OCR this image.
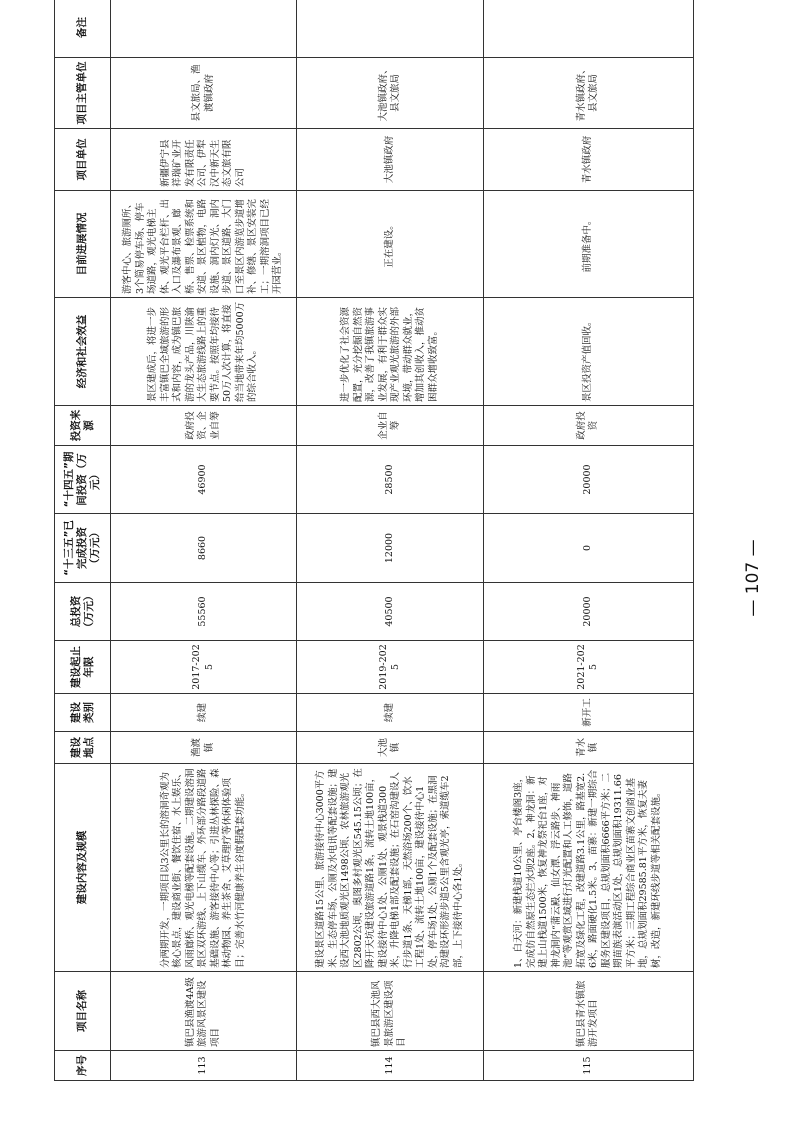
序号	项目名称	建设内容及规模	建设地点	建设类别	建设起止年限	总投资（万元）	“十三五”已完成投资（万元）	“十四五”期间投资（万元）	投资来源	经济和社会效益	目前进展情况	项目单位	项目主管单位	备注
113	镇巴县渔渡4A级旅游风景区建设项目	分两期开发，一期项目以3公里长的溶洞奇观为核心景点，建设商业街、餐饮住宿、水上娱乐、风雨廊桥、观光电梯等配套设施。二期建设溶洞景区双环游线、上下山缆车、外环部分路段道路基础设施、游客接待中心等；引进丛林探险、森林动物园、养生茶舍、艾草理疗等休闲体验项目；完善水竹河健康养生谷度假配套功能。	渔渡镇	续建	2017-2025	55560	8660	46900	政府投资、企业自筹	景区建成后，将进一步丰富镇巴全域旅游的形式和内容，成为镇巴旅游的龙头产品，川陕渝大生态旅游线路上的重要节点。按照年均接待50万人次计算，将直接给当地带来年均5000万的综合收入。	游客中心、旅游厕所、3个简易停车场、停车场道路，观光电梯主体、观光平台栏杆、出入口及瀑布景观、廊桥、售票、检票系统和安道、景区植物，电路设施、洞内灯光、洞内步道、景区道路、大门口至景区内游览步道增补、修缮、景区安装完工；一期溶洞项目已经开园营业。	新疆伊宁县祥瑞矿业开发有限责任公司、伊犁汉中新天生态文旅有限公司	县文旅局、渔渡镇政府	
114	镇巴县西大池风景旅游区建设项目	建设景区道路15公里、旅游接待中心3000平方米、生态停车场、公厕及水电讯等配套设施；建设西大池地质观光区1498公顷、农林旅游观光区2802公顷，奥图多村观光区545.15公顷；在降开天坑建设旅游道路1条，流转土地100亩，建设接待中心1处、公厕1处、观景栈道300米，升降电梯1部及配套设施；在石窑沟建设人行步道1条、天梯1部，天然浴场200个、饮水工程1处、流转土地100亩，建设接待中心1处，停车场1处，公厕1个及配套设施；在黑洞沟建设环形游步道5公里含观光亭，索道缆车2部，上下接待中心各1处。	大池镇	续建	2019-2025	40500	12000	28500	企业自筹	进一步优化了社会资源配置，充分挖掘自然资源，改善了我镇旅游事业发展，有利于群众实现产业观光旅游的外部环境，带动群众就业，增加其创收入，推动贫困群众增收致富。	正在建设。	大池镇政府	大池镇政府、县文旅局	
115	镇巴县青水镇旅游开发项目	1、白天河：新建栈道10公里、亭台楼阁3座，完成仿自然原生态拦水坝2座。2、神龙洞：新建上山栈道1500米，恢复神龙祭祀台1座，对神龙洞内“蒲云殿、仙女潭、浮云路步、神雨池”等观赏区域进行灯光配置和人工修饰，道路拓宽及绿化工程，改建道路3.1公里，路基宽2.6米，路面硬化1.5米。3、苗寨：新建一期综合服务区建设项目，总规划面积6666平方米；二期苗族表演活动区1处，总规划面积19311.66平方米；三期工程综合商业区苗寨文创商业基地，总规划面积29585.81平方米，恢复夫妻树，改造，新建环线步道等相关配套设施。	青水镇	新开工	2021-2025	20000	0	20000	政府投资	景区投资产值回收。	前期准备中。	青水镇政府	青水镇政府、县文旅局	
— 107 —
